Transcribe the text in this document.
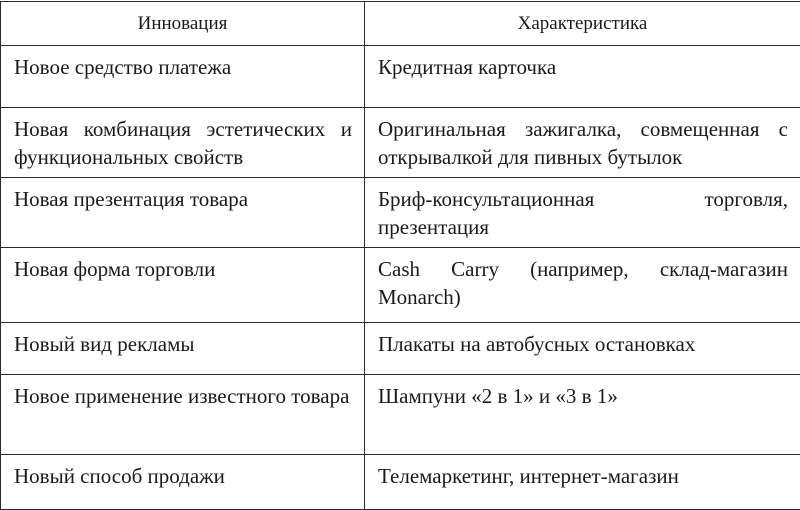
Инновация	Характеристика
Новое средство платежа	Кредитная карточка
Новая комбинация эстетических и функциональных свойств	Оригинальная зажигалка, совмещенная с открывалкой для пивных бутылок
Новая презентация товара	Бриф-консультационная торговля, презентация
Новая форма торговли	Cash Carry (например, склад-магазин Monarch)
Новый вид рекламы	Плакаты на автобусных остановках
Новое применение известного товара	Шампуни «2 в 1» и «3 в 1»
Новый способ продажи	Телемаркетинг, интернет-магазин
